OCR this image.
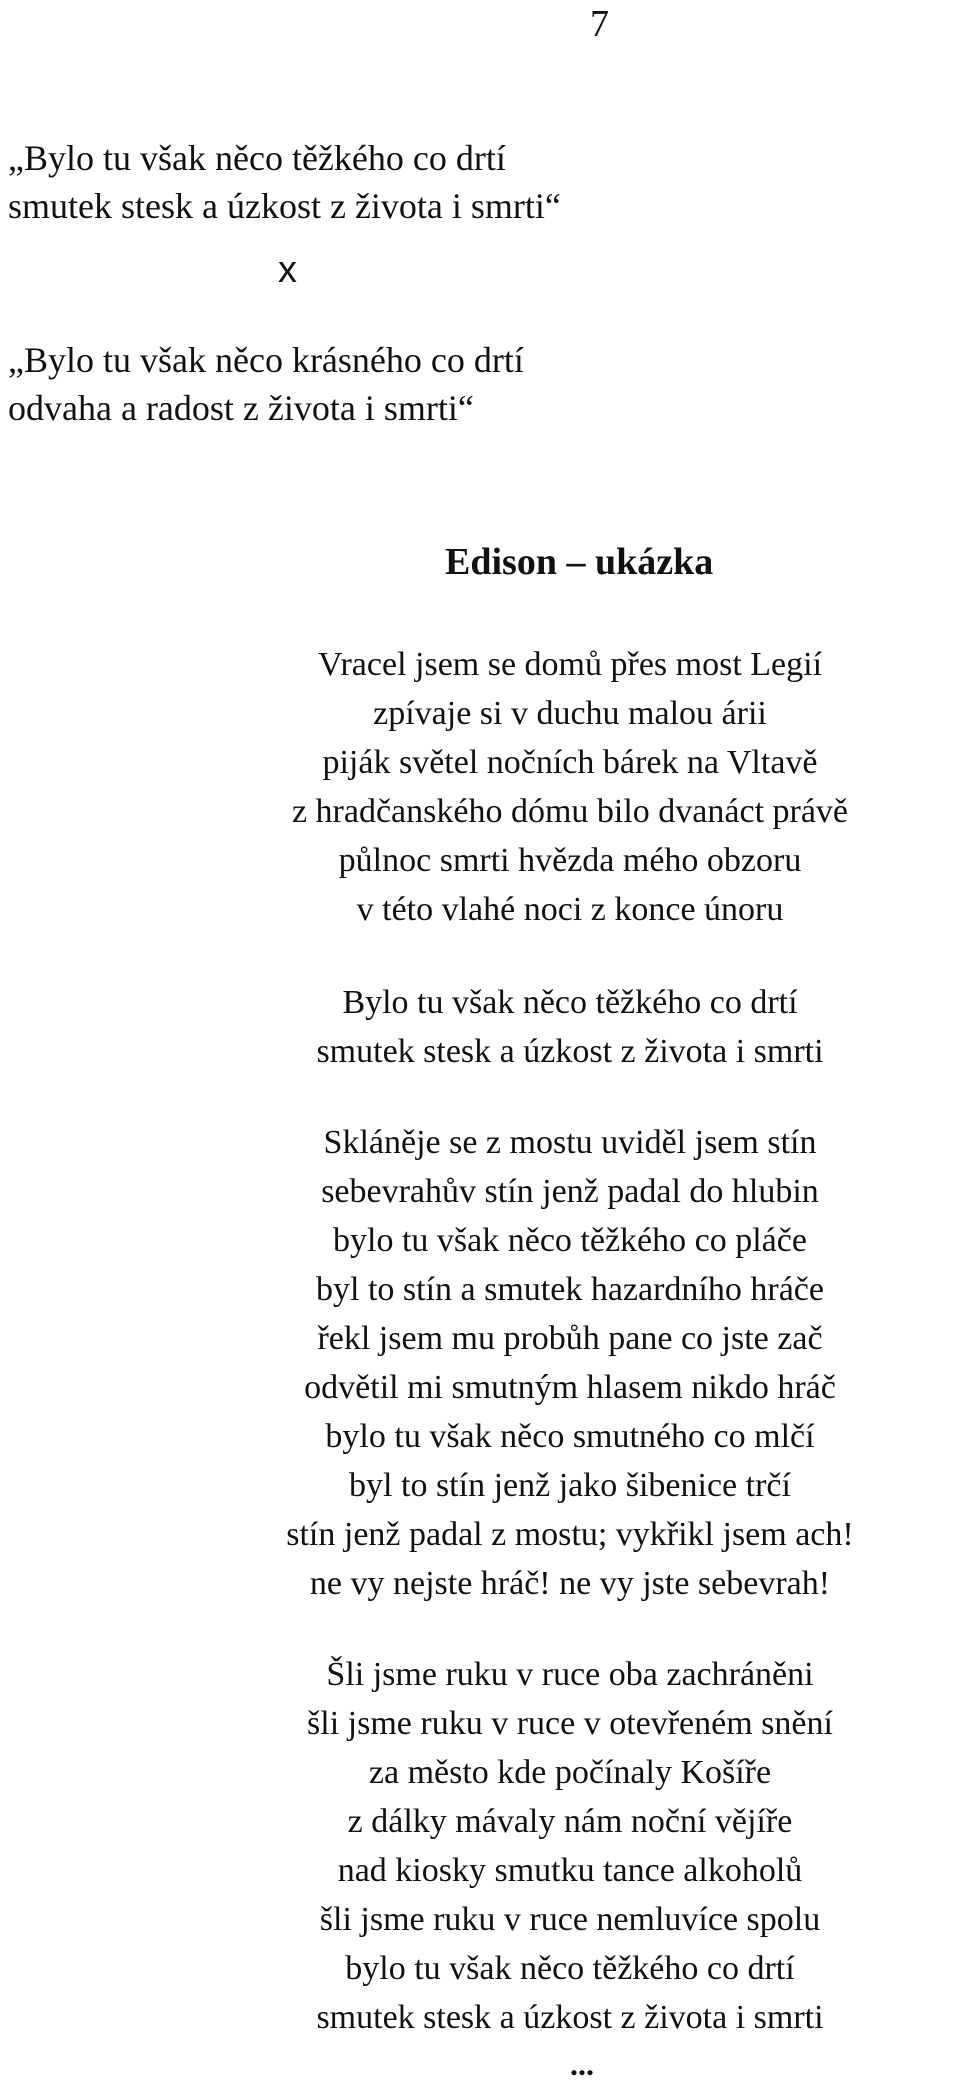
7

„Bylo tu však něco těžkého co drtí

smutek stesk a úzkost z života i smrti“

x

„Bylo tu však něco krásného co drtí

odvaha a radost z života i smrti“

Edison – ukázka

Vracel jsem se domů přes most Legií

zpívaje si v duchu malou árii

piják světel nočních bárek na Vltavě

z hradčanského dómu bilo dvanáct právě

půlnoc smrti hvězda mého obzoru

v této vlahé noci z konce únoru

Bylo tu však něco těžkého co drtí

smutek stesk a úzkost z života i smrti

Skláněje se z mostu uviděl jsem stín

sebevrahův stín jenž padal do hlubin

bylo tu však něco těžkého co pláče

byl to stín a smutek hazardního hráče

řekl jsem mu probůh pane co jste zač

odvětil mi smutným hlasem nikdo hráč

bylo tu však něco smutného co mlčí

byl to stín jenž jako šibenice trčí

stín jenž padal z mostu; vykřikl jsem ach!

ne vy nejste hráč! ne vy jste sebevrah!

Šli jsme ruku v ruce oba zachráněni

šli jsme ruku v ruce v otevřeném snění

za město kde počínaly Košíře

z dálky mávaly nám noční vějíře

nad kiosky smutku tance alkoholů

šli jsme ruku v ruce nemluvíce spolu

bylo tu však něco těžkého co drtí

smutek stesk a úzkost z života i smrti

...
